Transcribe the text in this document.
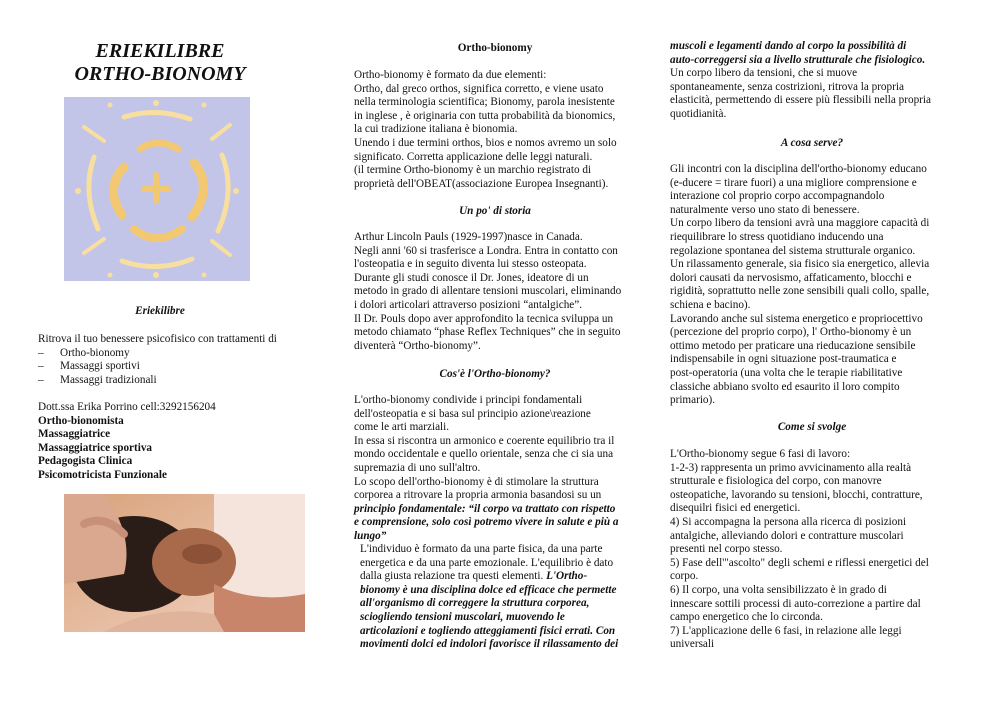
ERIEKILIBRE
ORTHO-BIONOMY
Eriekilibre
Ritrova il tuo benessere psicofisico con trattamenti di
– Ortho-bionomy
– Massaggi sportivi
– Massaggi tradizionali
Dott.ssa Erika Porrino cell:3292156204
Ortho-bionomista
Massaggiatrice
Massaggiatrice sportiva
Pedagogista Clinica
Psicomotricista Funzionale
Ortho-bionomy
Ortho-bionomy è formato da due elementi:
Ortho, dal greco orthos, significa corretto, e viene usato
nella terminologia scientifica; Bionomy, parola inesistente
in inglese , è originaria con tutta probabilità da bionomics,
la cui tradizione italiana è bionomia.
Unendo i due termini orthos, bios e nomos avremo un solo
significato. Corretta applicazione delle leggi naturali.
(il termine Ortho-bionomy è un marchio registrato di
proprietà dell'OBEAT(associazione Europea Insegnanti).
Un po' di storia
Arthur Lincoln Pauls (1929-1997)nasce in Canada.
Negli anni '60 si trasferisce a Londra. Entra in contatto con
l'osteopatia e in seguito diventa lui stesso osteopata.
Durante gli studi conosce il Dr. Jones, ideatore di un
metodo in grado di allentare tensioni muscolari, eliminando
i dolori articolari attraverso posizioni “antalgiche”.
Il Dr. Pouls dopo aver approfondito la tecnica sviluppa un
metodo chiamato “phase Reflex Techniques” che in seguito
diventerà “Ortho-bionomy”.
Cos'è l'Ortho-bionomy?
L'ortho-bionomy condivide i principi fondamentali
dell'osteopatia e si basa sul principio azione\reazione
come le arti marziali.
In essa si riscontra un armonico e coerente equilibrio tra il
mondo occidentale e quello orientale, senza che ci sia una
supremazia di uno sull'altro.
Lo scopo dell'ortho-bionomy è di stimolare la struttura
corporea a ritrovare la propria armonia basandosi su un
principio fondamentale: “il corpo va trattato con rispetto
e comprensione, solo così potremo vivere in salute e più a
lungo”
L'individuo è formato da una parte fisica, da una parte
energetica e da una parte emozionale. L'equilibrio è dato
dalla giusta relazione tra questi elementi. L'Ortho-
bionomy è una disciplina dolce ed efficace che permette
all'organismo di correggere la struttura corporea,
sciogliendo tensioni muscolari, muovendo le
articolazioni e togliendo atteggiamenti fisici errati. Con
movimenti dolci ed indolori favorisce il rilassamento dei
muscoli e legamenti dando al corpo la possibilità di
auto-correggersi sia a livello strutturale che fisiologico.
Un corpo libero da tensioni, che si muove
spontaneamente, senza costrizioni, ritrova la propria
elasticità, permettendo di essere più flessibili nella propria
quotidianità.
A cosa serve?
Gli incontri con la disciplina dell'ortho-bionomy educano
(e-ducere = tirare fuori) a una migliore comprensione e
interazione col proprio corpo accompagnandolo
naturalmente verso uno stato di benessere.
Un corpo libero da tensioni avrà una maggiore capacità di
riequilibrare lo stress quotidiano inducendo una
regolazione spontanea del sistema strutturale organico.
Un rilassamento generale, sia fisico sia energetico, allevia
dolori causati da nervosismo, affaticamento, blocchi e
rigidità, soprattutto nelle zone sensibili quali collo, spalle,
schiena e bacino).
Lavorando anche sul sistema energetico e propriocettivo
(percezione del proprio corpo), l' Ortho-bionomy è un
ottimo metodo per praticare una rieducazione sensibile
indispensabile in ogni situazione post-traumatica e
post-operatoria (una volta che le terapie riabilitative
classiche abbiano svolto ed esaurito il loro compito
primario).
Come si svolge
L'Ortho-bionomy segue 6 fasi di lavoro:
1-2-3) rappresenta un primo avvicinamento alla realtà
strutturale e fisiologica del corpo, con manovre
osteopatiche, lavorando su tensioni, blocchi, contratture,
disequilri fisici ed energetici.
4) Si accompagna la persona alla ricerca di posizioni
antalgiche, alleviando dolori e contratture muscolari
presenti nel corpo stesso.
5) Fase dell'"ascolto" degli schemi e riflessi energetici del
corpo.
6) Il corpo, una volta sensibilizzato è in grado di
innescare sottili processi di auto-correzione a partire dal
campo energetico che lo circonda.
7) L'applicazione delle 6 fasi, in relazione alle leggi
universali
